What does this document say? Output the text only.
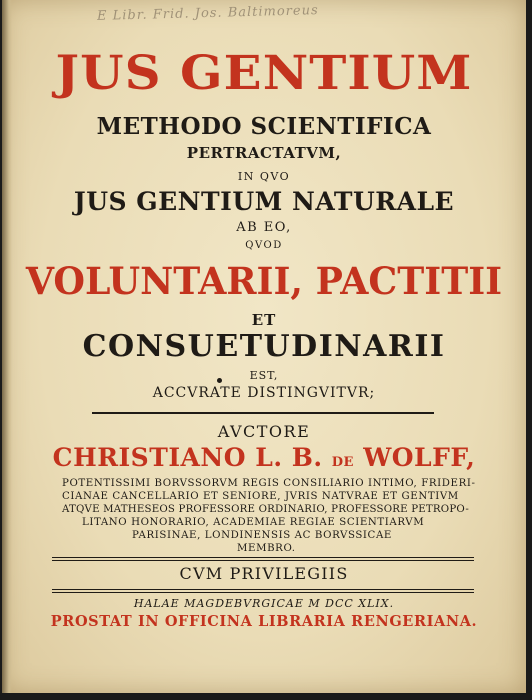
E Libr. Frid. Jos. Baltimoreus
JUS GENTIUM
METHODO SCIENTIFICA
PERTRACTATVM,
IN QVO
JUS GENTIUM NATURALE
AB EO,
QVOD
VOLUNTARII, PACTITII
ET
CONSUETUDINARII
EST,
ACCVRATE DISTINGVITVR;
AVCTORE
CHRISTIANO L. B. DE WOLFF,
POTENTISSIMI BORVSSORVM REGIS CONSILIARIO INTIMO, FRIDERI-
CIANAE CANCELLARIO ET SENIORE, JVRIS NATVRAE ET GENTIVM
ATQVE MATHESEOS PROFESSORE ORDINARIO, PROFESSORE PETROPO-
LITANO HONORARIO, ACADEMIAE REGIAE SCIENTIARVM
PARISINAE, LONDINENSIS AC BORVSSICAE
MEMBRO.
CVM PRIVILEGIIS
HALAE MAGDEBVRGICAE M DCC XLIX.
PROSTAT IN OFFICINA LIBRARIA RENGERIANA.
